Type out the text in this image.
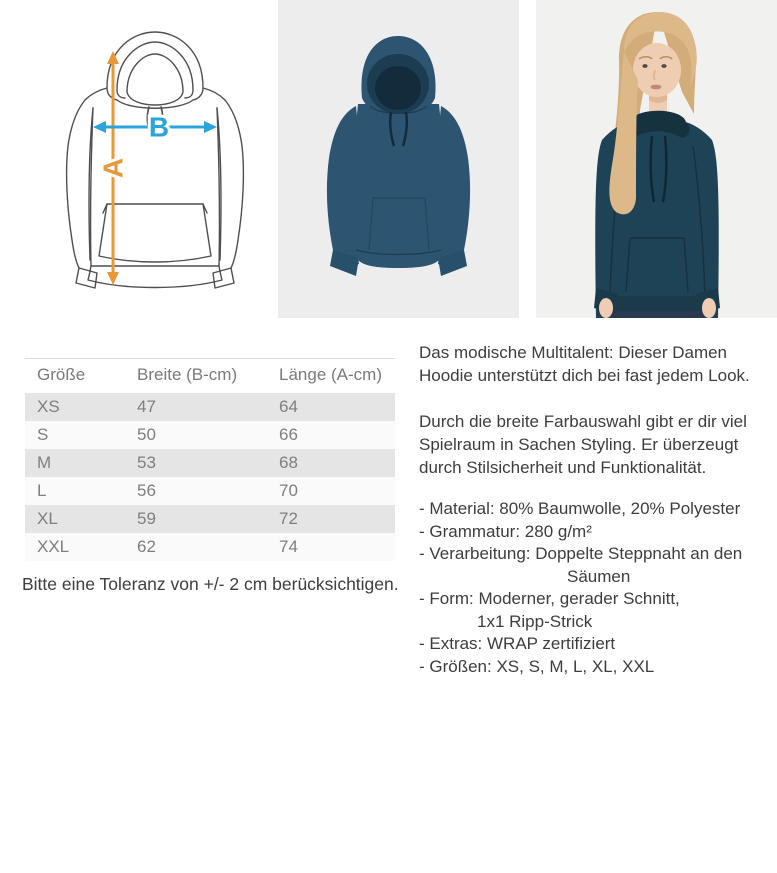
A
B
Größe	Breite (B-cm)	Länge (A-cm)
XS	47	64
S	50	66
M	53	68
L	56	70
XL	59	72
XXL	62	74
Bitte eine Toleranz von +/- 2 cm berücksichtigen.

Das modische Multitalent: Dieser Damen Hoodie unterstützt dich bei fast jedem Look.

Durch die breite Farbauswahl gibt er dir viel Spielraum in Sachen Styling. Er überzeugt durch Stilsicherheit und Funktionalität.

- Material: 80% Baumwolle, 20% Polyester
- Grammatur: 280 g/m²
- Verarbeitung: Doppelte Steppnaht an den
Säumen
- Form: Moderner, gerader Schnitt,
1x1 Ripp-Strick
- Extras: WRAP zertifiziert
- Größen: XS, S, M, L, XL, XXL
